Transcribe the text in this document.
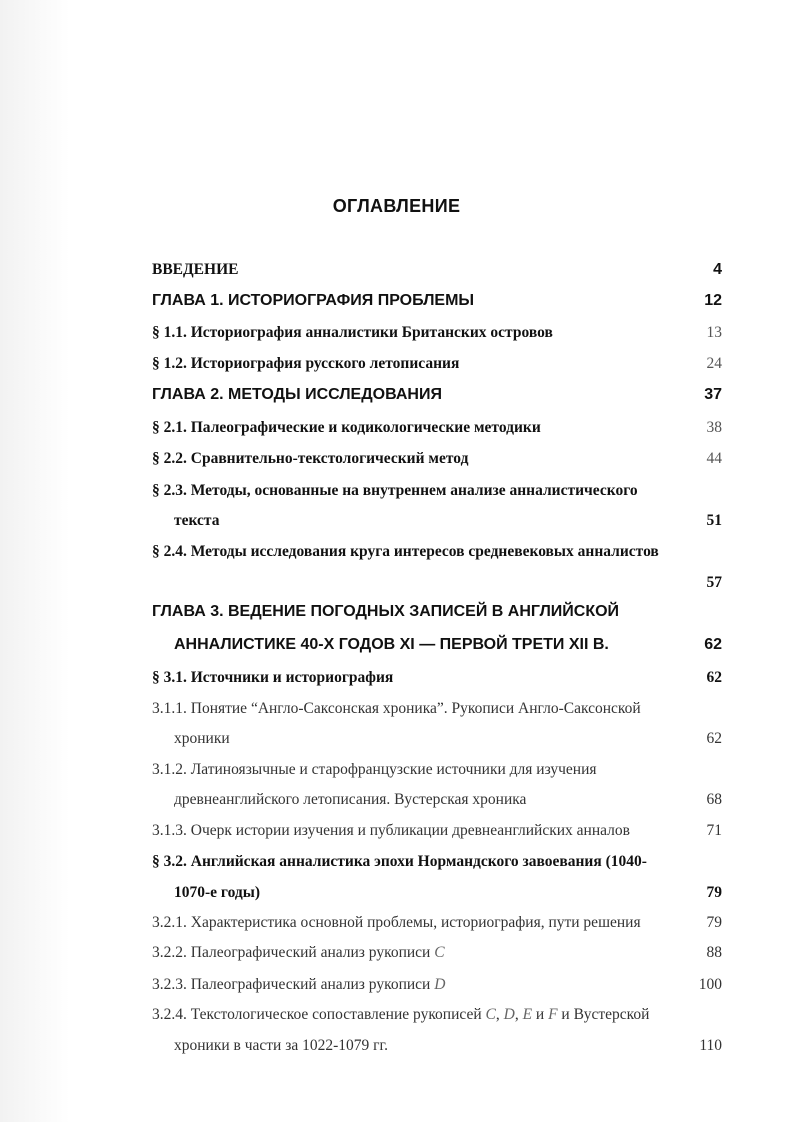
ОГЛАВЛЕНИЕ
ВВЕДЕНИЕ	4
ГЛАВА 1. ИСТОРИОГРАФИЯ ПРОБЛЕМЫ	12
§ 1.1. Историография анналистики Британских островов	13
§ 1.2. Историография русского летописания	24
ГЛАВА 2. МЕТОДЫ ИССЛЕДОВАНИЯ	37
§ 2.1. Палеографические и кодикологические методики	38
§ 2.2. Сравнительно-текстологический метод	44
§ 2.3. Методы, основанные на внутреннем анализе анналистического
текста	51
§ 2.4. Методы исследования круга интересов средневековых анналистов
57
ГЛАВА 3. ВЕДЕНИЕ ПОГОДНЫХ ЗАПИСЕЙ В АНГЛИЙСКОЙ
АННАЛИСТИКЕ 40-Х ГОДОВ XI — ПЕРВОЙ ТРЕТИ XII В.	62
§ 3.1. Источники и историография	62
3.1.1. Понятие “Англо-Саксонская хроника”. Рукописи Англо-Саксонской
хроники	62
3.1.2. Латиноязычные и старофранцузские источники для изучения
древнеанглийского летописания. Вустерская хроника	68
3.1.3. Очерк истории изучения и публикации древнеанглийских анналов	71
§ 3.2. Английская анналистика эпохи Нормандского завоевания (1040-
1070-е годы)	79
3.2.1. Характеристика основной проблемы, историография, пути решения	79
3.2.2. Палеографический анализ рукописи C	88
3.2.3. Палеографический анализ рукописи D	100
3.2.4. Текстологическое сопоставление рукописей C, D, E и F и Вустерской
хроники в части за 1022-1079 гг.	110
